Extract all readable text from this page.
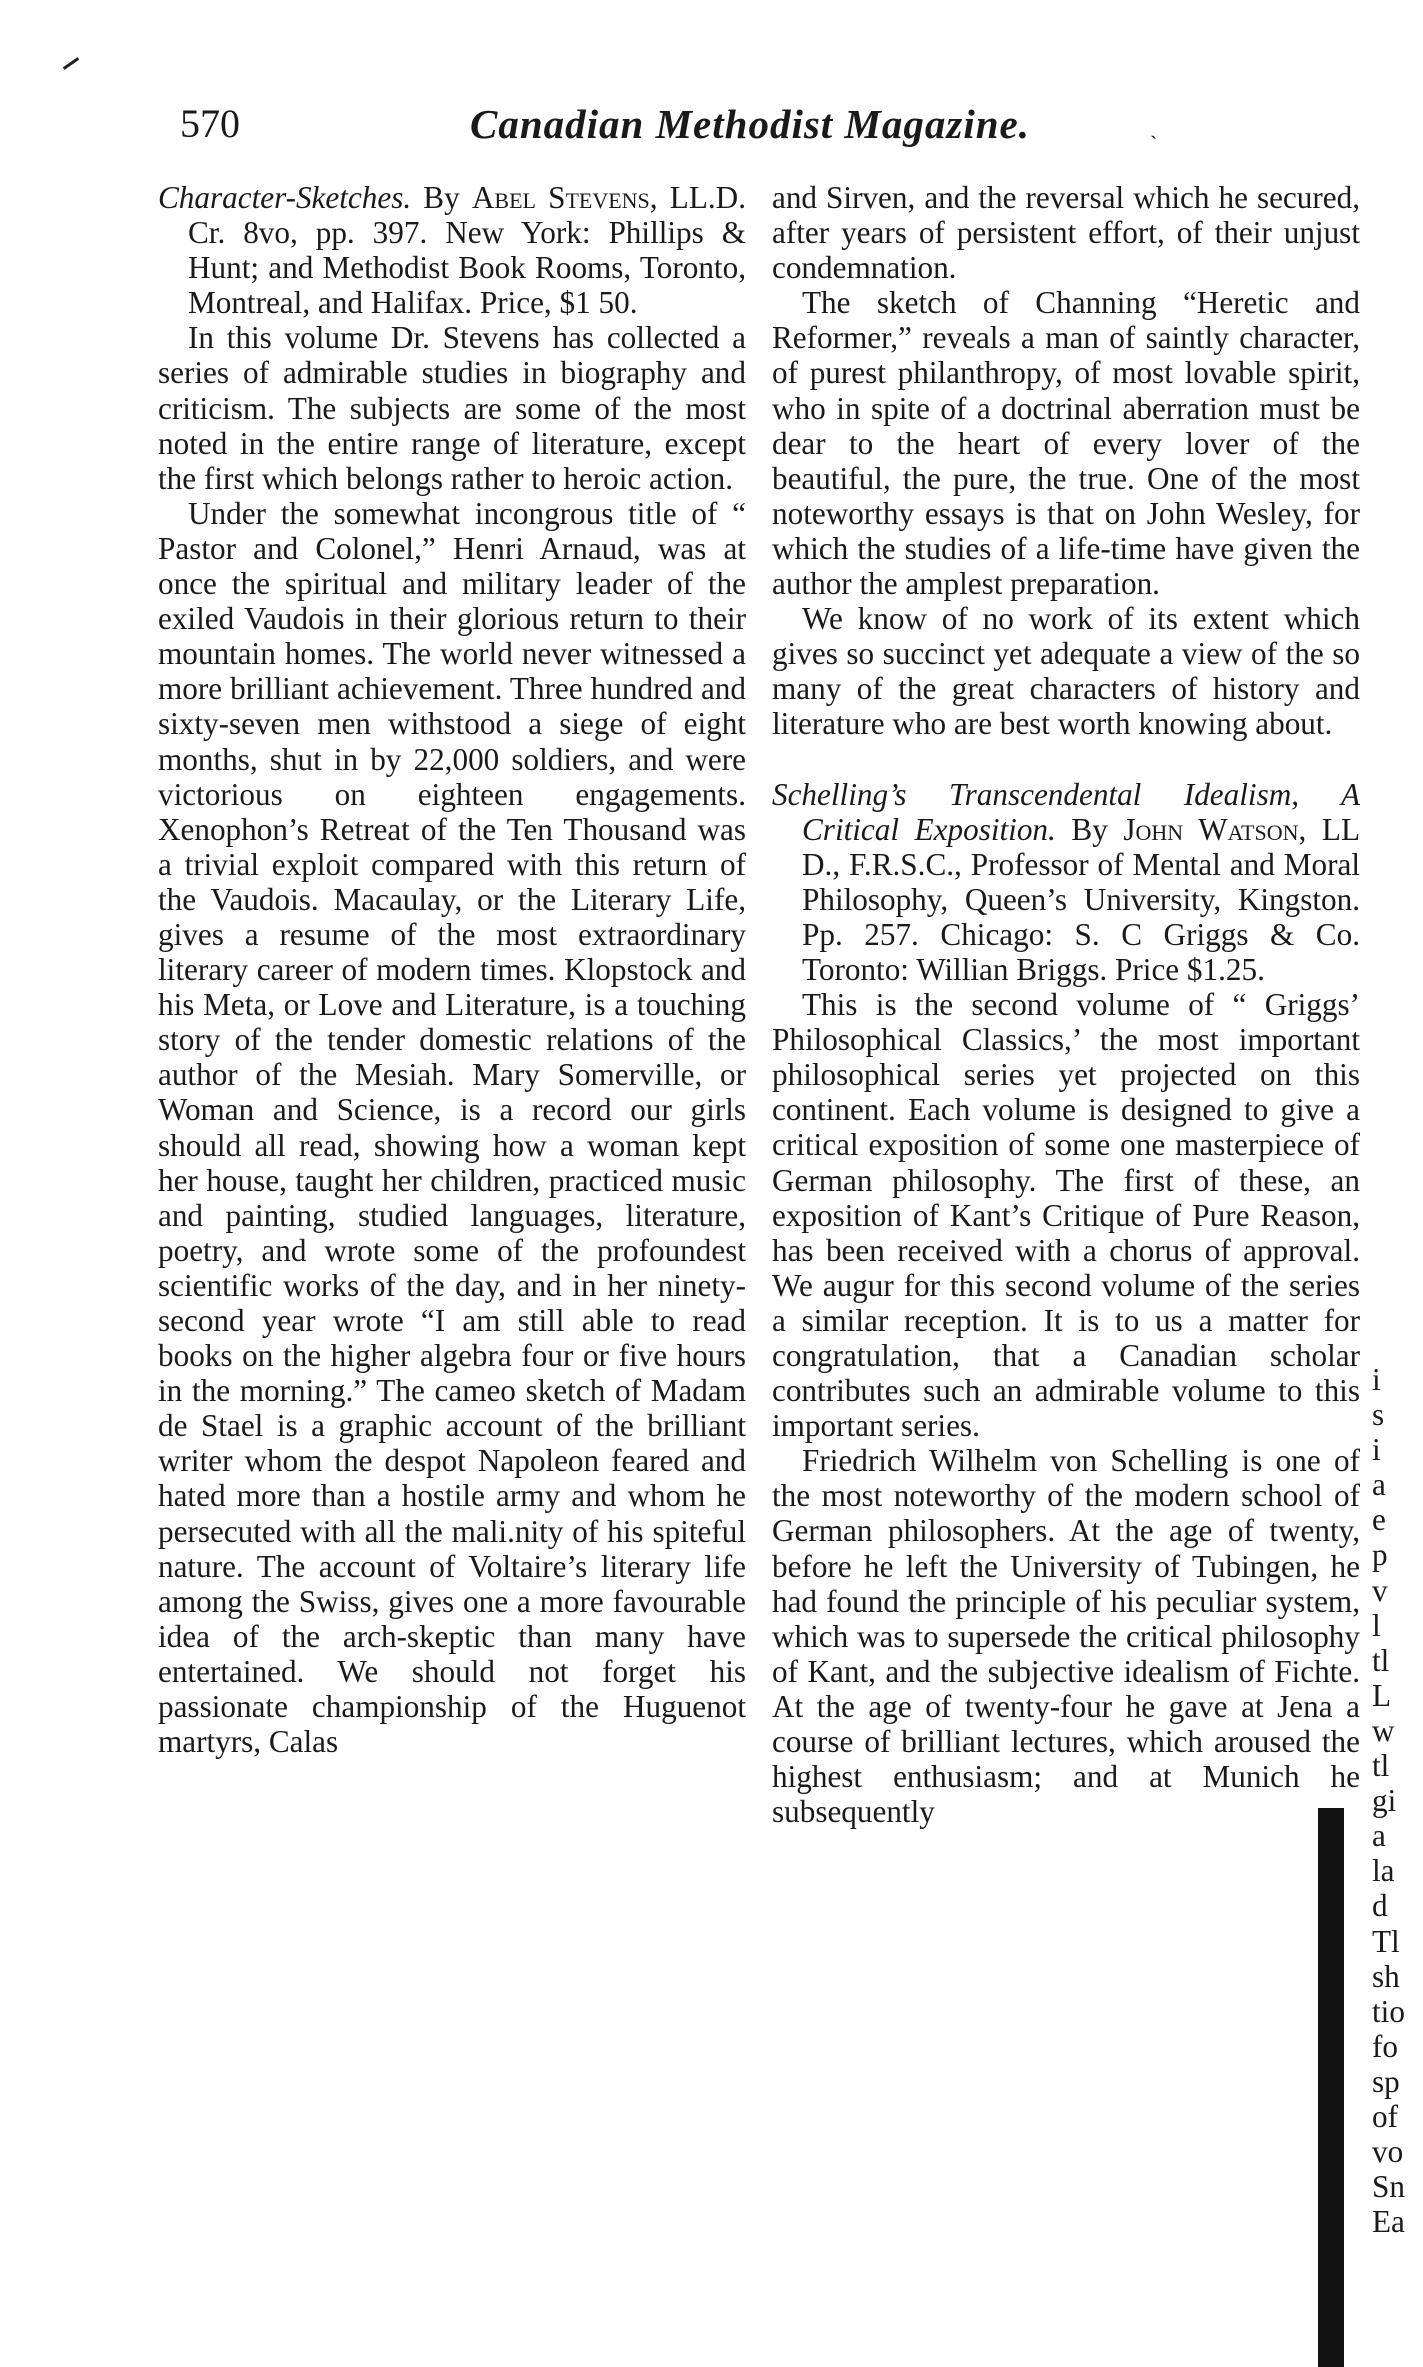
570	Canadian Methodist Magazine.	ˎ

Character-Sketches. By Abel Stevens, LL.D. Cr. 8vo, pp. 397. New York: Phillips & Hunt; and Methodist Book Rooms, Toronto, Montreal, and Halifax. Price, $1 50.

In this volume Dr. Stevens has collected a series of admirable studies in biography and criticism. The subjects are some of the most noted in the entire range of literature, except the first which belongs rather to heroic action.

Under the somewhat incongrous title of “ Pastor and Colonel,” Henri Arnaud, was at once the spiritual and military leader of the exiled Vaudois in their glorious return to their mountain homes. The world never witnessed a more brilliant achievement. Three hundred and sixty-seven men withstood a siege of eight months, shut in by 22,000 soldiers, and were victorious on eighteen engagements. Xenophon’s Retreat of the Ten Thousand was a trivial exploit compared with this return of the Vaudois. Macaulay, or the Literary Life, gives a resume of the most extraordinary literary career of modern times. Klopstock and his Meta, or Love and Literature, is a touching story of the tender domestic relations of the author of the Mesiah. Mary Somerville, or Woman and Science, is a record our girls should all read, showing how a woman kept her house, taught her children, practiced music and painting, studied languages, literature, poetry, and wrote some of the profoundest scientific works of the day, and in her ninety-second year wrote “I am still able to read books on the higher algebra four or five hours in the morning.” The cameo sketch of Madam de Stael is a graphic account of the brilliant writer whom the despot Napoleon feared and hated more than a hostile army and whom he persecuted with all the mali.nity of his spiteful nature. The account of Voltaire’s literary life among the Swiss, gives one a more favourable idea of the arch-skeptic than many have entertained. We should not forget his passionate championship of the Huguenot martyrs, Calas

and Sirven, and the reversal which he secured, after years of persistent effort, of their unjust condemnation.

The sketch of Channing “Heretic and Reformer,” reveals a man of saintly character, of purest philanthropy, of most lovable spirit, who in spite of a doctrinal aberration must be dear to the heart of every lover of the beautiful, the pure, the true. One of the most noteworthy essays is that on John Wesley, for which the studies of a life-time have given the author the amplest preparation.

We know of no work of its extent which gives so succinct yet adequate a view of the so many of the great characters of history and literature who are best worth knowing about.

Schelling’s Transcendental Idealism, A Critical Exposition. By John Watson, LL D., F.R.S.C., Professor of Mental and Moral Philosophy, Queen’s University, Kingston. Pp. 257. Chicago: S. C Griggs & Co. Toronto: Willian Briggs. Price $1.25.

This is the second volume of “ Griggs’ Philosophical Classics,’ the most important philosophical series yet projected on this continent. Each volume is designed to give a critical exposition of some one masterpiece of German philosophy. The first of these, an exposition of Kant’s Critique of Pure Reason, has been received with a chorus of approval. We augur for this second volume of the series a similar reception. It is to us a matter for congratulation, that a Canadian scholar contributes such an admirable volume to this important series.

Friedrich Wilhelm von Schelling is one of the most noteworthy of the modern school of German philosophers. At the age of twenty, before he left the University of Tubingen, he had found the principle of his peculiar system, which was to supersede the critical philosophy of Kant, and the subjective idealism of Fichte. At the age of twenty-four he gave at Jena a course of brilliant lectures, which aroused the highest enthusiasm; and at Munich he subsequently

i
s
i
a
e
p
v
l
tl
L
w
tl
gi
a
la
d
Tl
sh
tio
fo
sp
of
vo
Sn
Ea
